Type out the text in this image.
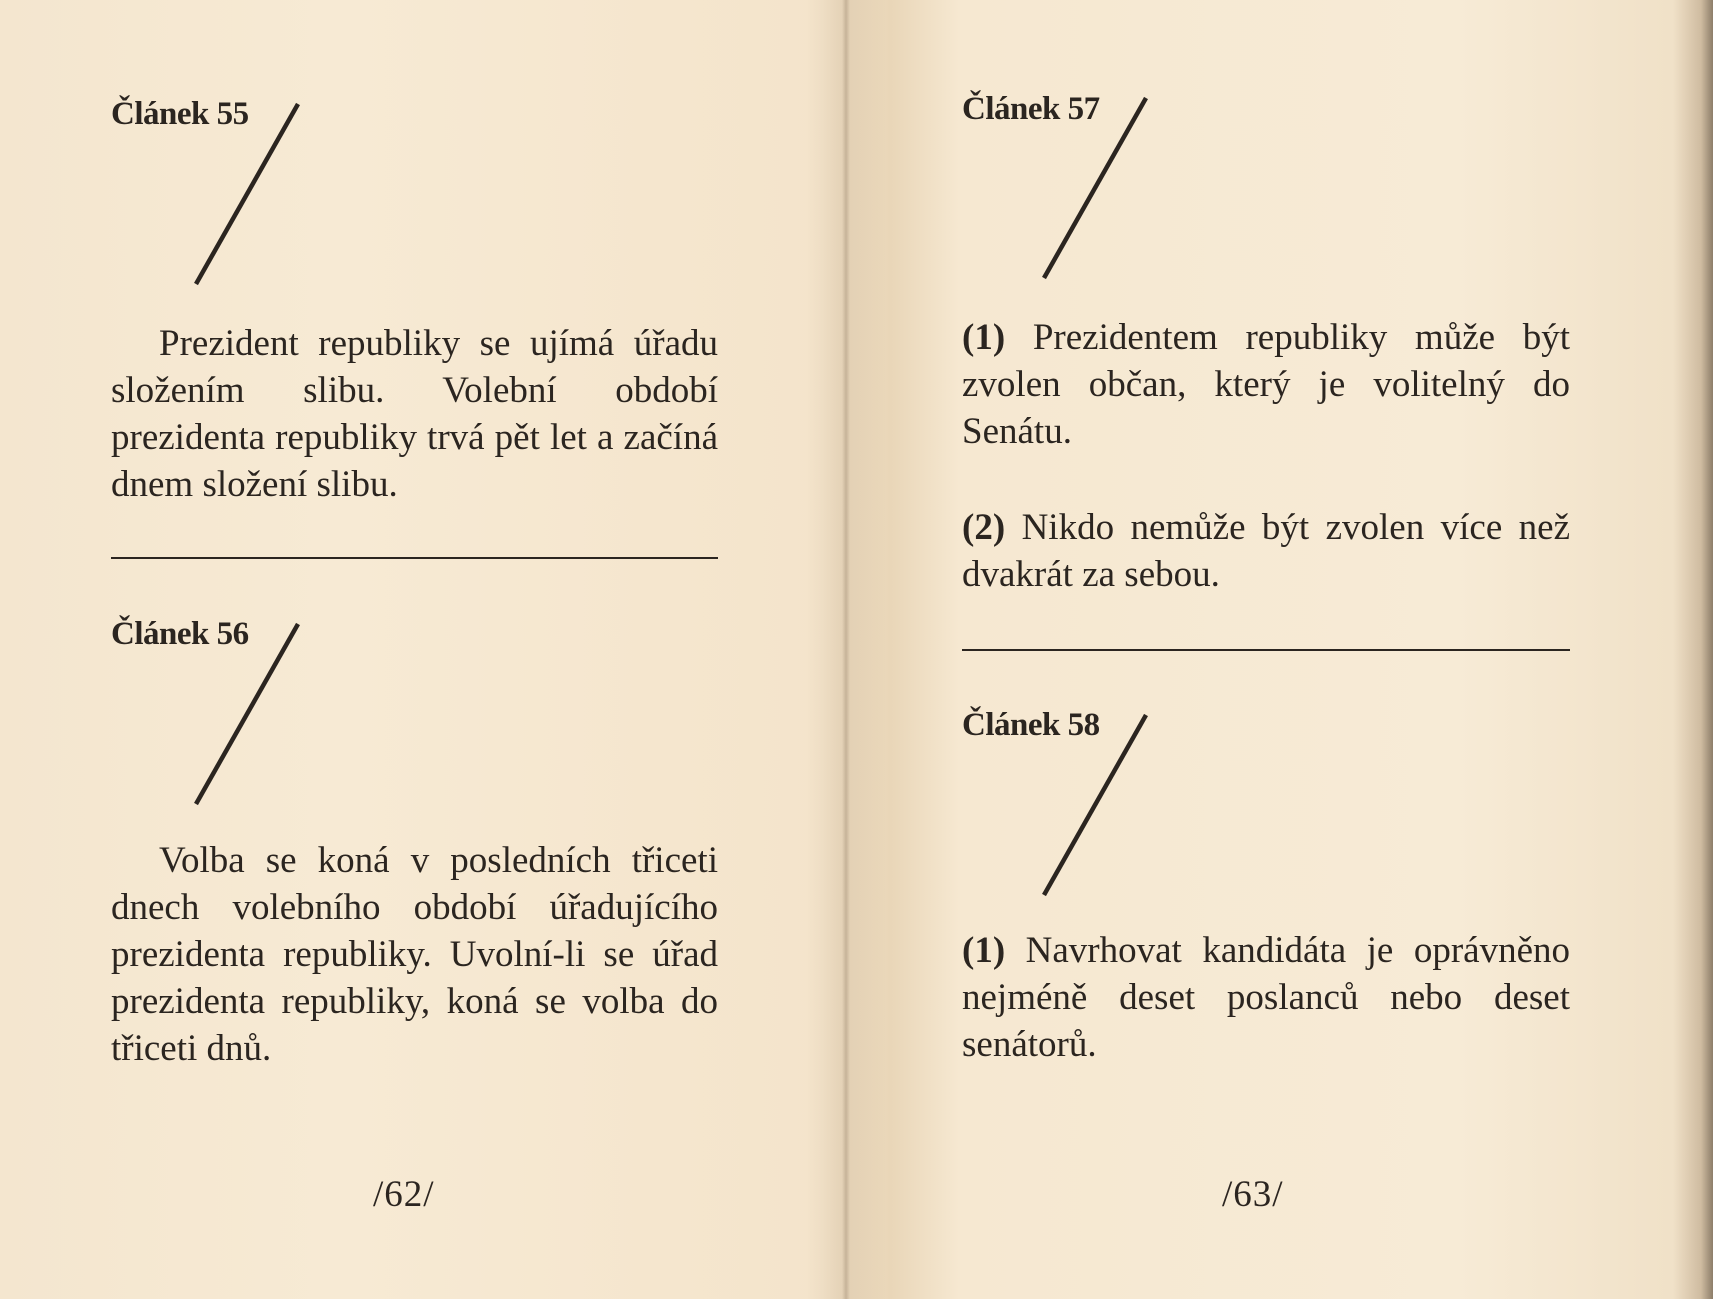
Článek 55
Prezident republiky se ujímá úřadu složením slibu. Volební období prezidenta republiky trvá pět let a začíná dnem složení slibu.
Článek 56
Volba se koná v posledních třiceti dnech volebního období úřadujícího prezidenta republiky. Uvolní-li se úřad prezidenta republiky, koná se volba do třiceti dnů.
/62/
Článek 57
(1) Prezidentem republiky může být zvolen občan, který je volitelný do Senátu.
(2) Nikdo nemůže být zvolen více než dvakrát za sebou.
Článek 58
(1) Navrhovat kandidáta je oprávněno nejméně deset poslanců nebo deset senátorů.
/63/
